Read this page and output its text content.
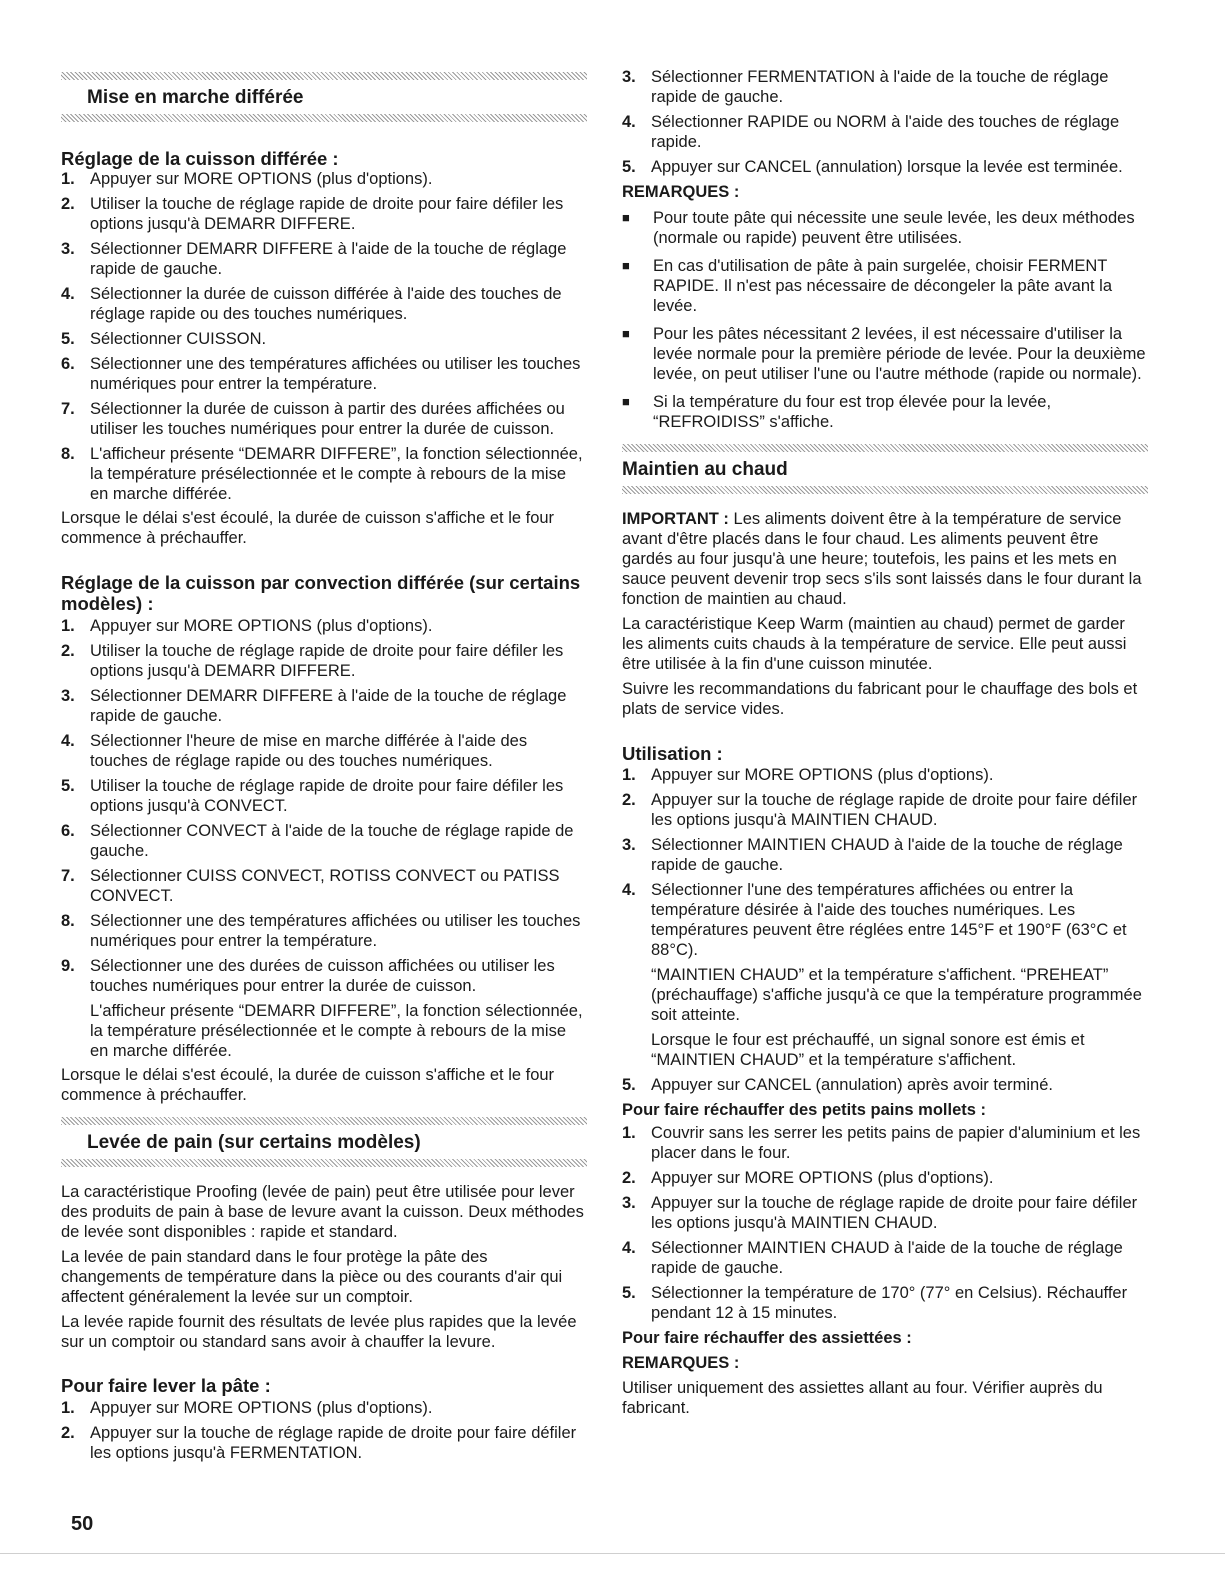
Mise en marche différée
Réglage de la cuisson différée :
1. Appuyer sur MORE OPTIONS (plus d'options).
2. Utiliser la touche de réglage rapide de droite pour faire défiler les options jusqu'à DEMARR DIFFERE.
3. Sélectionner DEMARR DIFFERE à l'aide de la touche de réglage rapide de gauche.
4. Sélectionner la durée de cuisson différée à l'aide des touches de réglage rapide ou des touches numériques.
5. Sélectionner CUISSON.
6. Sélectionner une des températures affichées ou utiliser les touches numériques pour entrer la température.
7. Sélectionner la durée de cuisson à partir des durées affichées ou utiliser les touches numériques pour entrer la durée de cuisson.
8. L'afficheur présente “DEMARR DIFFERE”, la fonction sélectionnée, la température présélectionnée et le compte à rebours de la mise en marche différée.
Lorsque le délai s'est écoulé, la durée de cuisson s'affiche et le four commence à préchauffer.
Réglage de la cuisson par convection différée (sur certains modèles) :
1. Appuyer sur MORE OPTIONS (plus d'options).
2. Utiliser la touche de réglage rapide de droite pour faire défiler les options jusqu'à DEMARR DIFFERE.
3. Sélectionner DEMARR DIFFERE à l'aide de la touche de réglage rapide de gauche.
4. Sélectionner l'heure de mise en marche différée à l'aide des touches de réglage rapide ou des touches numériques.
5. Utiliser la touche de réglage rapide de droite pour faire défiler les options jusqu'à CONVECT.
6. Sélectionner CONVECT à l'aide de la touche de réglage rapide de gauche.
7. Sélectionner CUISS CONVECT, ROTISS CONVECT ou PATISS CONVECT.
8. Sélectionner une des températures affichées ou utiliser les touches numériques pour entrer la température.
9. Sélectionner une des durées de cuisson affichées ou utiliser les touches numériques pour entrer la durée de cuisson.
L'afficheur présente “DEMARR DIFFERE”, la fonction sélectionnée, la température présélectionnée et le compte à rebours de la mise en marche différée.
Lorsque le délai s'est écoulé, la durée de cuisson s'affiche et le four commence à préchauffer.
Levée de pain (sur certains modèles)
La caractéristique Proofing (levée de pain) peut être utilisée pour lever des produits de pain à base de levure avant la cuisson. Deux méthodes de levée sont disponibles : rapide et standard.
La levée de pain standard dans le four protège la pâte des changements de température dans la pièce ou des courants d'air qui affectent généralement la levée sur un comptoir.
La levée rapide fournit des résultats de levée plus rapides que la levée sur un comptoir ou standard sans avoir à chauffer la levure.
Pour faire lever la pâte :
1. Appuyer sur MORE OPTIONS (plus d'options).
2. Appuyer sur la touche de réglage rapide de droite pour faire défiler les options jusqu'à FERMENTATION.
3. Sélectionner FERMENTATION à l'aide de la touche de réglage rapide de gauche.
4. Sélectionner RAPIDE ou NORM à l'aide des touches de réglage rapide.
5. Appuyer sur CANCEL (annulation) lorsque la levée est terminée.
REMARQUES :
■	Pour toute pâte qui nécessite une seule levée, les deux méthodes (normale ou rapide) peuvent être utilisées.
■	En cas d'utilisation de pâte à pain surgelée, choisir FERMENT RAPIDE. Il n'est pas nécessaire de décongeler la pâte avant la levée.
■	Pour les pâtes nécessitant 2 levées, il est nécessaire d'utiliser la levée normale pour la première période de levée. Pour la deuxième levée, on peut utiliser l'une ou l'autre méthode (rapide ou normale).
■	Si la température du four est trop élevée pour la levée, “REFROIDISS” s'affiche.
Maintien au chaud
IMPORTANT : Les aliments doivent être à la température de service avant d'être placés dans le four chaud. Les aliments peuvent être gardés au four jusqu'à une heure; toutefois, les pains et les mets en sauce peuvent devenir trop secs s'ils sont laissés dans le four durant la fonction de maintien au chaud.
La caractéristique Keep Warm (maintien au chaud) permet de garder les aliments cuits chauds à la température de service. Elle peut aussi être utilisée à la fin d'une cuisson minutée.
Suivre les recommandations du fabricant pour le chauffage des bols et plats de service vides.
Utilisation :
1. Appuyer sur MORE OPTIONS (plus d'options).
2. Appuyer sur la touche de réglage rapide de droite pour faire défiler les options jusqu'à MAINTIEN CHAUD.
3. Sélectionner MAINTIEN CHAUD à l'aide de la touche de réglage rapide de gauche.
4. Sélectionner l'une des températures affichées ou entrer la température désirée à l'aide des touches numériques. Les températures peuvent être réglées entre 145°F et 190°F (63°C et 88°C).
“MAINTIEN CHAUD” et la température s'affichent. “PREHEAT” (préchauffage) s'affiche jusqu'à ce que la température programmée soit atteinte.
Lorsque le four est préchauffé, un signal sonore est émis et “MAINTIEN CHAUD” et la température s'affichent.
5. Appuyer sur CANCEL (annulation) après avoir terminé.
Pour faire réchauffer des petits pains mollets :
1. Couvrir sans les serrer les petits pains de papier d'aluminium et les placer dans le four.
2. Appuyer sur MORE OPTIONS (plus d'options).
3. Appuyer sur la touche de réglage rapide de droite pour faire défiler les options jusqu'à MAINTIEN CHAUD.
4. Sélectionner MAINTIEN CHAUD à l'aide de la touche de réglage rapide de gauche.
5. Sélectionner la température de 170° (77° en Celsius). Réchauffer pendant 12 à 15 minutes.
Pour faire réchauffer des assiettées :
REMARQUES :
Utiliser uniquement des assiettes allant au four. Vérifier auprès du fabricant.
50
